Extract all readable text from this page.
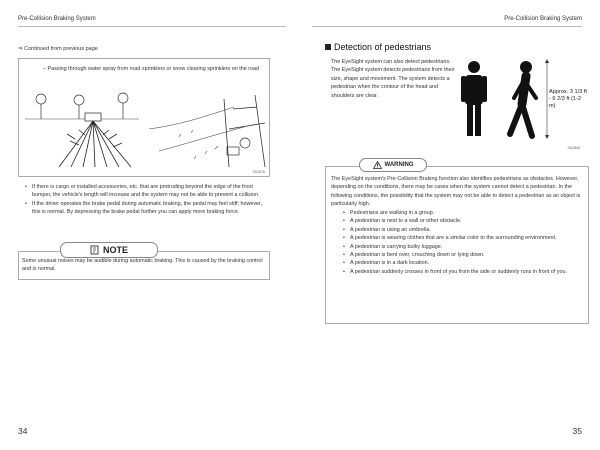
Pre-Collision Braking System	Pre-Collision Braking System
⇒ Continued from previous page
– Passing through water spray from road sprinklers or snow clearing sprinklers on the road
SA1878
• If there is cargo or installed accessories, etc. that are protruding beyond the edge of the front bumper, the vehicle's length will increase and the system may not be able to prevent a collision.
• If the driver operates the brake pedal during automatic braking, the pedal may feel stiff; however, this is normal. By depressing the brake pedal further you can apply more braking force.
Some unusual noises may be audible during automatic braking. This is caused by the braking control and is normal.
NOTE
34
Detection of pedestrians
The EyeSight system can also detect pedestrians. The EyeSight system detects pedestrians from their size, shape and movement. The system detects a pedestrian when the contour of the head and shoulders are clear.
Approx. 3 1/3 ft - 6 2/3 ft (1-2 m)
SA1846
The EyeSight system's Pre-Collision Braking function also identifies pedestrians as obstacles. However, depending on the conditions, there may be cases when the system cannot detect a pedestrian. In the following conditions, the possibility that the system may not be able to detect a pedestrian as an object is particularly high.
• Pedestrians are walking in a group.
• A pedestrian is next to a wall or other obstacle.
• A pedestrian is using an umbrella.
• A pedestrian is wearing clothes that are a similar color to the surrounding environment.
• A pedestrian is carrying bulky luggage.
• A pedestrian is bent over, crouching down or lying down.
• A pedestrian is in a dark location.
• A pedestrian suddenly crosses in front of you from the side or suddenly runs in front of you.
WARNING
35
